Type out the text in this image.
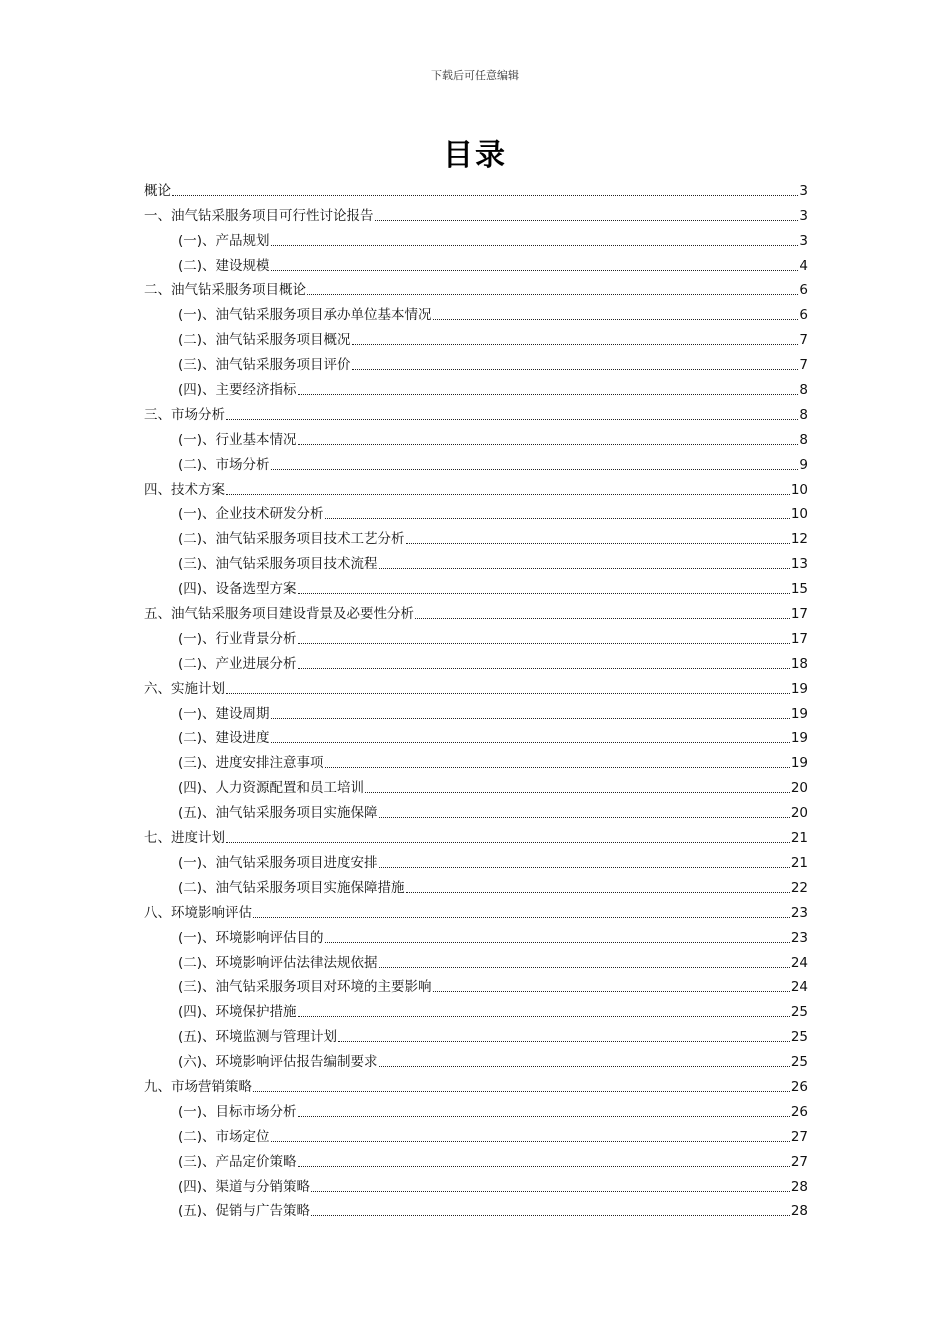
下载后可任意编辑
目录
概论	3
一、油气钻采服务项目可行性讨论报告	3
(一)、产品规划	3
(二)、建设规模	4
二、油气钻采服务项目概论	6
(一)、油气钻采服务项目承办单位基本情况	6
(二)、油气钻采服务项目概况	7
(三)、油气钻采服务项目评价	7
(四)、主要经济指标	8
三、市场分析	8
(一)、行业基本情况	8
(二)、市场分析	9
四、技术方案	10
(一)、企业技术研发分析	10
(二)、油气钻采服务项目技术工艺分析	12
(三)、油气钻采服务项目技术流程	13
(四)、设备选型方案	15
五、油气钻采服务项目建设背景及必要性分析	17
(一)、行业背景分析	17
(二)、产业进展分析	18
六、实施计划	19
(一)、建设周期	19
(二)、建设进度	19
(三)、进度安排注意事项	19
(四)、人力资源配置和员工培训	20
(五)、油气钻采服务项目实施保障	20
七、进度计划	21
(一)、油气钻采服务项目进度安排	21
(二)、油气钻采服务项目实施保障措施	22
八、环境影响评估	23
(一)、环境影响评估目的	23
(二)、环境影响评估法律法规依据	24
(三)、油气钻采服务项目对环境的主要影响	24
(四)、环境保护措施	25
(五)、环境监测与管理计划	25
(六)、环境影响评估报告编制要求	25
九、市场营销策略	26
(一)、目标市场分析	26
(二)、市场定位	27
(三)、产品定价策略	27
(四)、渠道与分销策略	28
(五)、促销与广告策略	28
